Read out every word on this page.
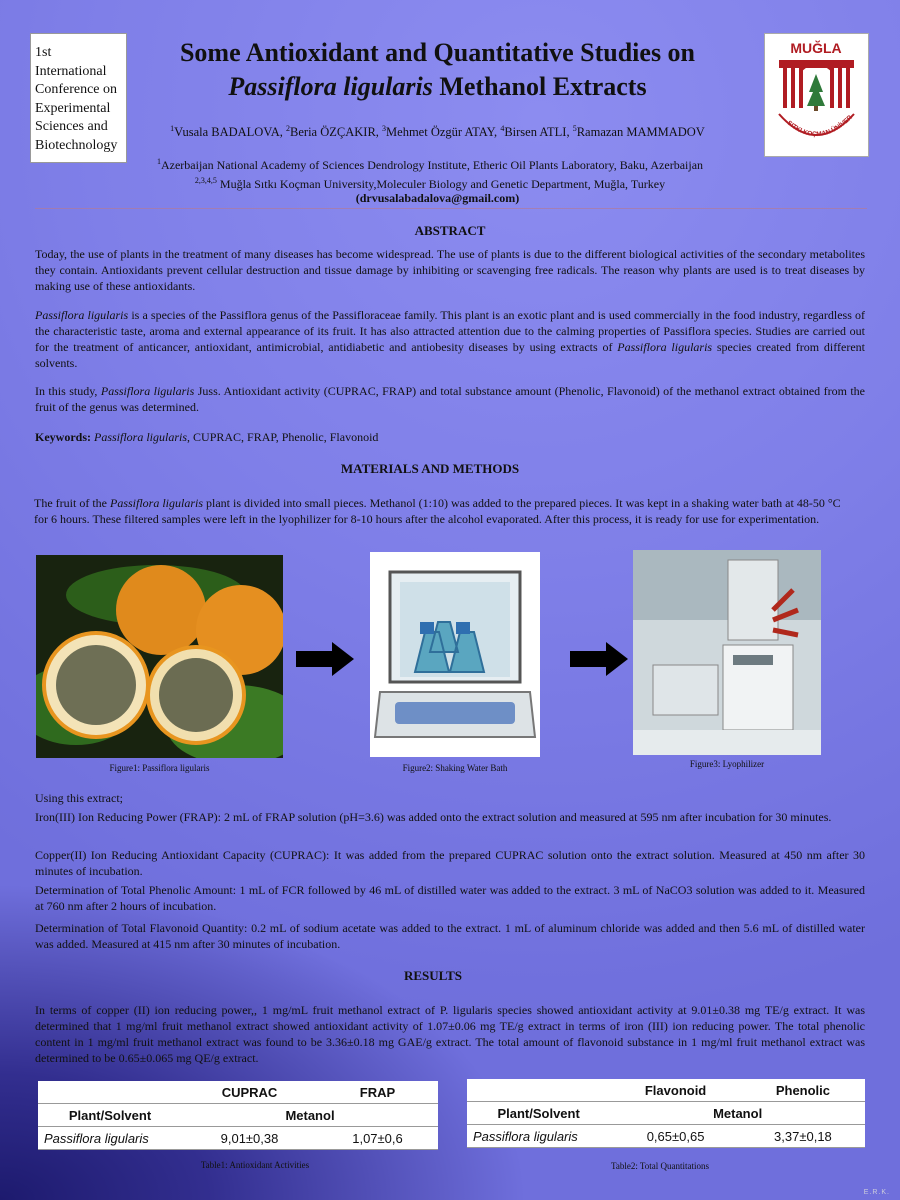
1st
International
Conference on
Experimental
Sciences and
Biotechnology
Some Antioxidant and Quantitative Studies on
Passiflora ligularis Methanol Extracts
$^1$Vusala BADALOVA, $^2$Beria ÖZÇAKIR, $^3$Mehmet Özgür ATAY, $^4$Birsen ATLI, $^5$Ramazan MAMMADOV
$^1$Azerbaijan National Academy of Sciences Dendrology Institute, Etheric Oil Plants Laboratory, Baku, Azerbaijan
$^{2,3,4,5}$ Muğla Sıtkı Koçman University,Moleculer Biology and Genetic Department, Muğla, Turkey
(drvusalabadalova@gmail.com)
MUĞLA
SITKI KOÇMAN ÜNİVER
ABSTRACT
Today, the use of plants in the treatment of many diseases has become widespread. The use of plants is due to the different biological activities of the secondary metabolites they contain. Antioxidants prevent cellular destruction and tissue damage by inhibiting or scavenging free radicals. The reason why plants are used is to treat diseases by making use of these antioxidants.
Passiflora ligularis is a species of the Passiflora genus of the Passifloraceae family. This plant is an exotic plant and is used commercially in the food industry, regardless of the characteristic taste, aroma and external appearance of its fruit. It has also attracted attention due to the calming properties of Passiflora species. Studies are carried out for the treatment of anticancer, antioxidant, antimicrobial, antidiabetic and antiobesity diseases by using extracts of Passiflora ligularis species created from different solvents.
In this study, Passiflora ligularis Juss. Antioxidant activity (CUPRAC, FRAP) and total substance amount (Phenolic, Flavonoid) of the methanol extract obtained from the fruit of the genus was determined.
Keywords: Passiflora ligularis, CUPRAC, FRAP, Phenolic, Flavonoid
MATERIALS AND METHODS
The fruit of the Passiflora ligularis plant is divided into small pieces. Methanol (1:10) was added to the prepared pieces. It was kept in a shaking water bath at 48-50 °C for 6 hours. These filtered samples were left in the lyophilizer for 8-10 hours after the alcohol evaporated. After this process, it is ready for use for experimentation.
Figure1: Passiflora ligularis	Figure2: Shaking Water Bath	Figure3: Lyophilizer
Using this extract;
Iron(III) Ion Reducing Power (FRAP): 2 mL of FRAP solution (pH=3.6) was added onto the extract solution and measured at 595 nm after incubation for 30 minutes.
Copper(II) Ion Reducing Antioxidant Capacity (CUPRAC): It was added from the prepared CUPRAC solution onto the extract solution. Measured at 450 nm after 30 minutes of incubation.
Determination of Total Phenolic Amount: 1 mL of FCR followed by 46 mL of distilled water was added to the extract. 3 mL of NaCO3 solution was added to it. Measured at 760 nm after 2 hours of incubation.
Determination of Total Flavonoid Quantity: 0.2 mL of sodium acetate was added to the extract. 1 mL of aluminum chloride was added and then 5.6 mL of distilled water was added. Measured at 415 nm after 30 minutes of incubation.
RESULTS
In terms of copper (II) ion reducing power,, 1 mg/mL fruit methanol extract of P. ligularis species showed antioxidant activity at 9.01±0.38 mg TE/g extract. It was determined that 1 mg/ml fruit methanol extract showed antioxidant activity of 1.07±0.06 mg TE/g extract in terms of iron (III) ion reducing power. The total phenolic content in 1 mg/ml fruit methanol extract was found to be 3.36±0.18 mg GAE/g extract. The total amount of flavonoid substance in 1 mg/ml fruit methanol extract was determined to be 0.65±0.065 mg QE/g extract.
	CUPRAC	FRAP
Plant/Solvent	Metanol	
Passiflora ligularis	9,01±0,38	1,07±0,6
Table1: Antioxidant Activities
	Flavonoid	Phenolic
Plant/Solvent	Metanol	
Passiflora ligularis	0,65±0,65	3,37±0,18
Table2: Total Quantitations
E.R.K.
